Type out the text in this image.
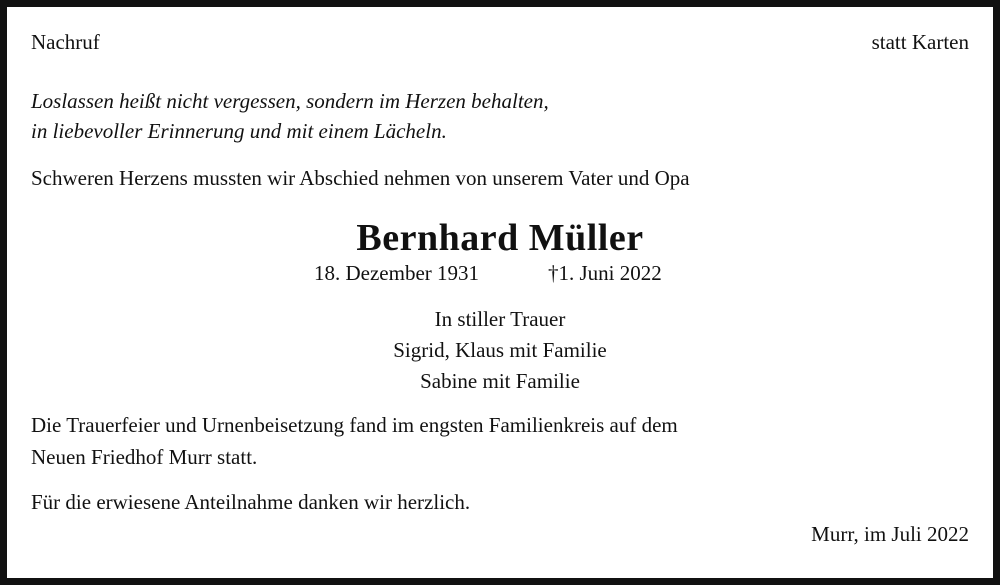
Nachruf	statt Karten
Loslassen heißt nicht vergessen, sondern im Herzen behalten,
in liebevoller Erinnerung und mit einem Lächeln.
Schweren Herzens mussten wir Abschied nehmen von unserem Vater und Opa
Bernhard Müller
18. Dezember 1931	†1. Juni 2022
In stiller Trauer
Sigrid, Klaus mit Familie
Sabine mit Familie
Die Trauerfeier und Urnenbeisetzung fand im engsten Familienkreis auf dem
Neuen Friedhof Murr statt.
Für die erwiesene Anteilnahme danken wir herzlich.
Murr, im Juli 2022
